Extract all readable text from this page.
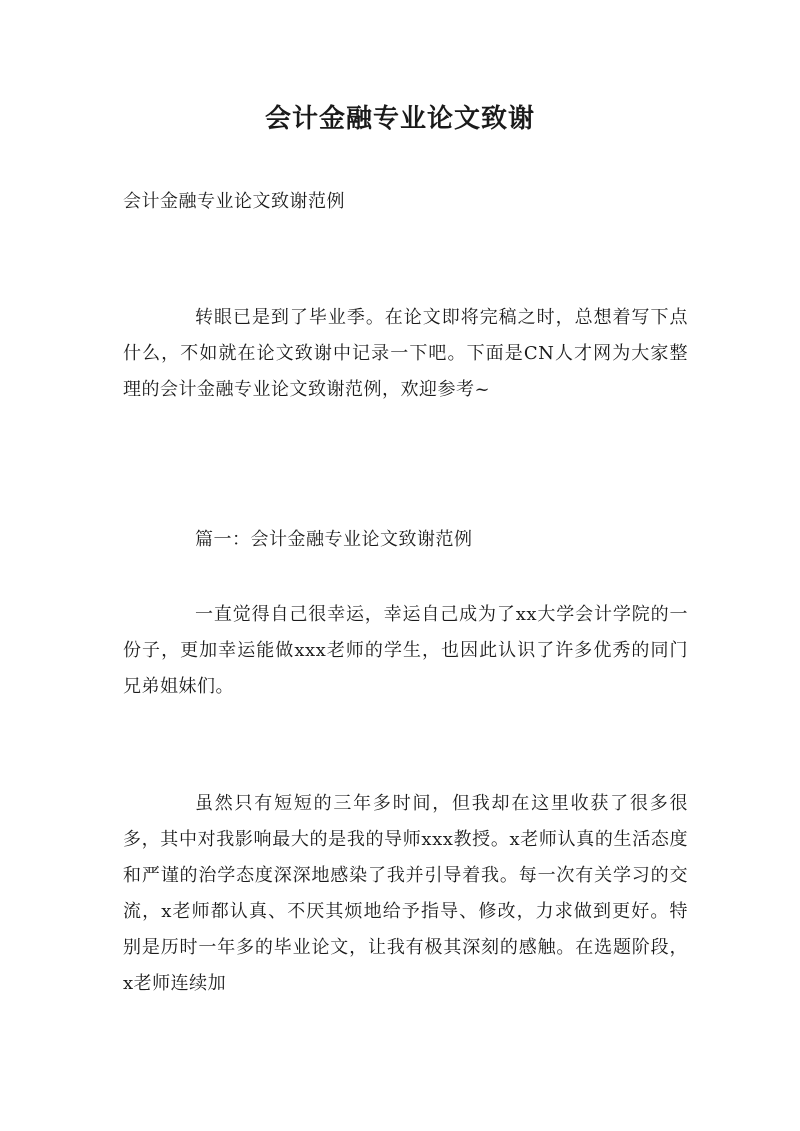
会计金融专业论文致谢

会计金融专业论文致谢范例

转眼已是到了毕业季。在论文即将完稿之时，总想着写下点什么，不如就在论文致谢中记录一下吧。下面是CN人才网为大家整理的会计金融专业论文致谢范例，欢迎参考~

篇一：会计金融专业论文致谢范例

一直觉得自己很幸运，幸运自己成为了xx大学会计学院的一份子，更加幸运能做xxx老师的学生，也因此认识了许多优秀的同门兄弟姐妹们。

虽然只有短短的三年多时间，但我却在这里收获了很多很多，其中对我影响最大的是我的导师xxx教授。x老师认真的生活态度和严谨的治学态度深深地感染了我并引导着我。每一次有关学习的交流，x老师都认真、不厌其烦地给予指导、修改，力求做到更好。特别是历时一年多的毕业论文，让我有极其深刻的感触。在选题阶段，x老师连续加
